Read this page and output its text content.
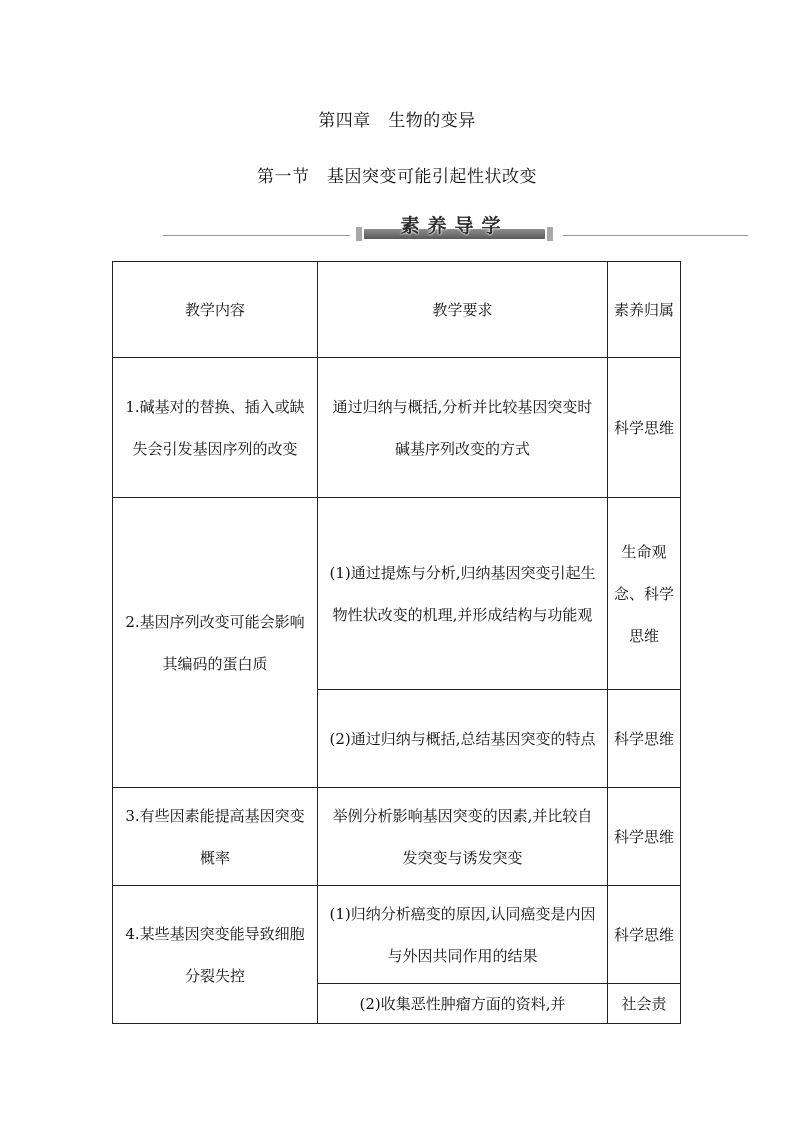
第四章　生物的变异
第一节　基因突变可能引起性状改变
素养导学
教学内容	教学要求	素养归属
1.碱基对的替换、插入或缺失会引发基因序列的改变	通过归纳与概括,分析并比较基因突变时碱基序列改变的方式	科学思维
2.基因序列改变可能会影响其编码的蛋白质	(1)通过提炼与分析,归纳基因突变引起生物性状改变的机理,并形成结构与功能观	生命观念、科学思维
	(2)通过归纳与概括,总结基因突变的特点	科学思维
3.有些因素能提高基因突变概率	举例分析影响基因突变的因素,并比较自发突变与诱发突变	科学思维
4.某些基因突变能导致细胞分裂失控	(1)归纳分析癌变的原因,认同癌变是内因与外因共同作用的结果	科学思维
	(2)收集恶性肿瘤方面的资料,并	社会责
